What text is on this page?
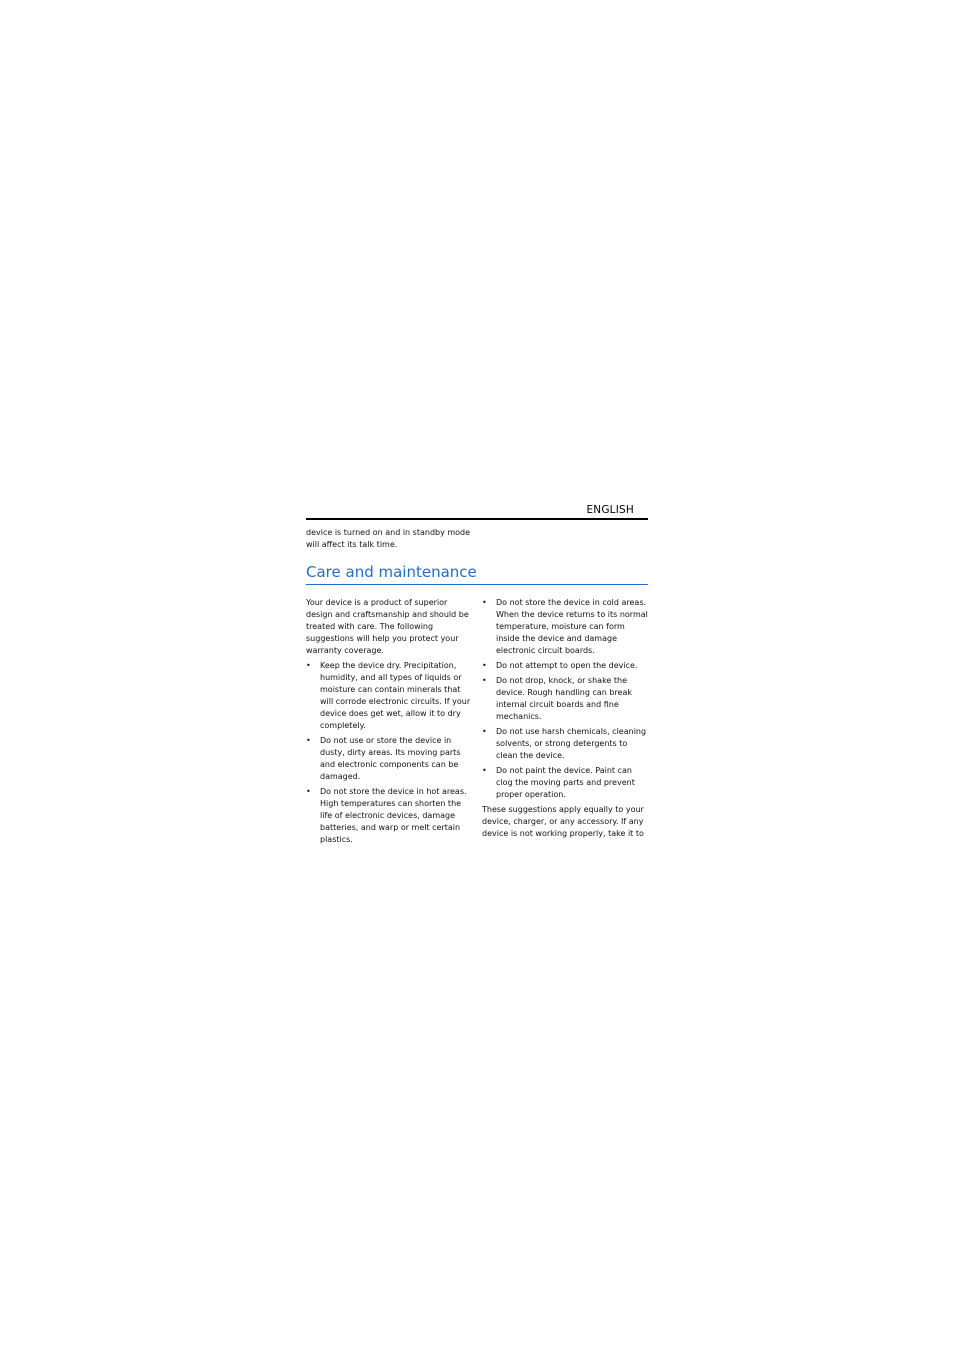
ENGLISH
device is turned on and in standby mode will affect its talk time.
Care and maintenance

Your device is a product of superior design and craftsmanship and should be treated with care. The following suggestions will help you protect your warranty coverage.

• Keep the device dry. Precipitation, humidity, and all types of liquids or moisture can contain minerals that will corrode electronic circuits. If your device does get wet, allow it to dry completely.
• Do not use or store the device in dusty, dirty areas. Its moving parts and electronic components can be damaged.
• Do not store the device in hot areas. High temperatures can shorten the life of electronic devices, damage batteries, and warp or melt certain plastics.
• Do not store the device in cold areas. When the device returns to its normal temperature, moisture can form inside the device and damage electronic circuit boards.
• Do not attempt to open the device.
• Do not drop, knock, or shake the device. Rough handling can break internal circuit boards and fine mechanics.
• Do not use harsh chemicals, cleaning solvents, or strong detergents to clean the device.
• Do not paint the device. Paint can clog the moving parts and prevent proper operation.

These suggestions apply equally to your device, charger, or any accessory. If any device is not working properly, take it to
